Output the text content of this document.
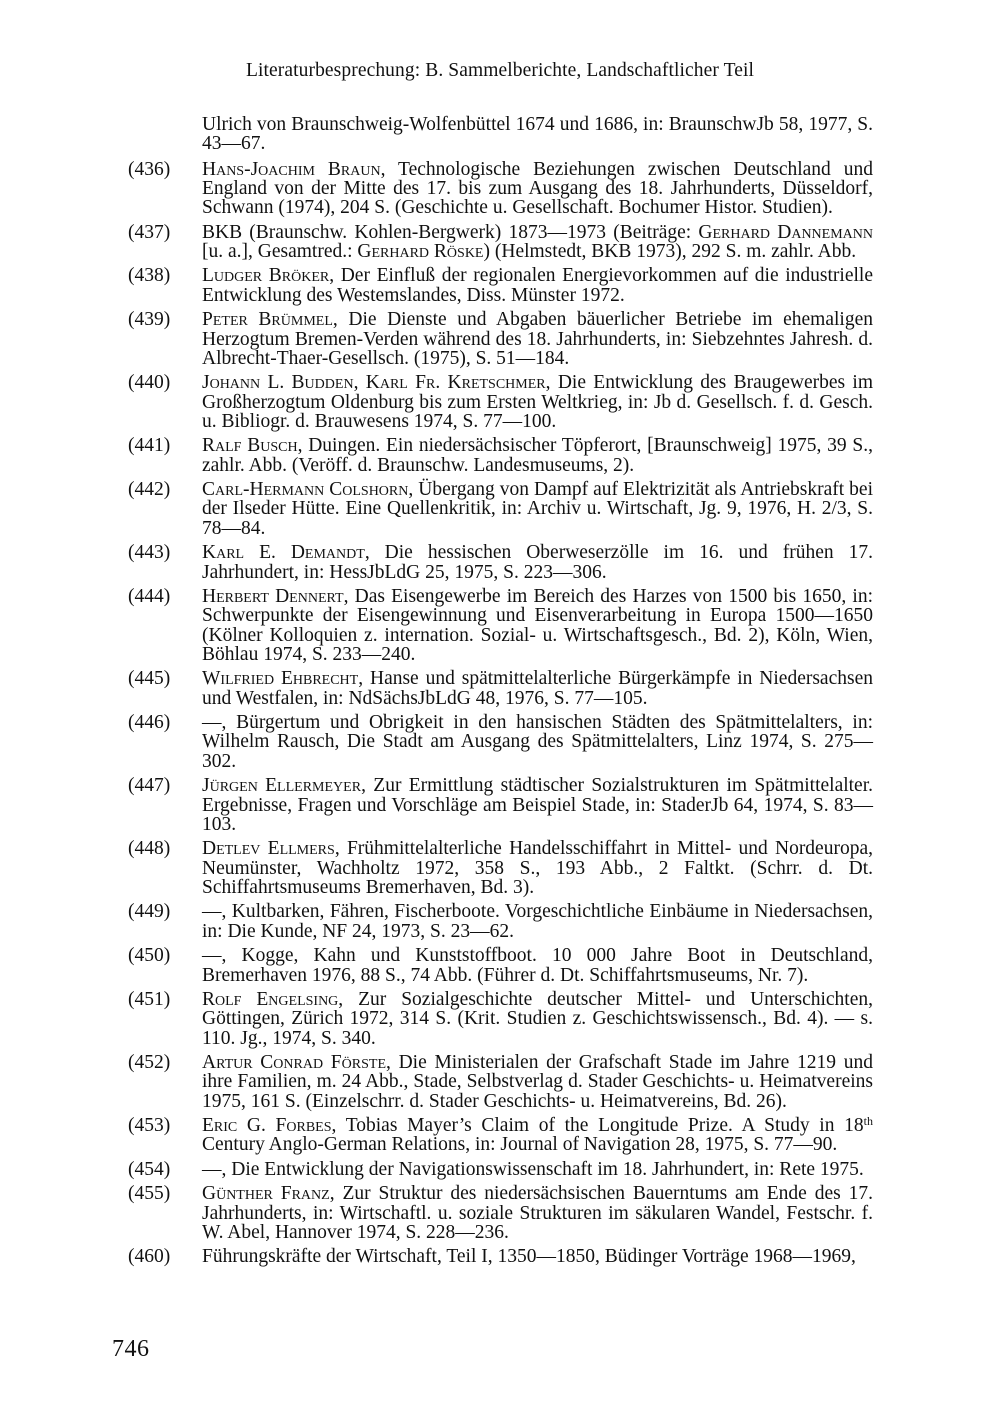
Literaturbesprechung: B. Sammelberichte, Landschaftlicher Teil

Ulrich von Braunschweig-Wolfenbüttel 1674 und 1686, in: BraunschwJb 58, 1977, S. 43—67.

(436) Hans-Joachim Braun, Technologische Beziehungen zwischen Deutschland und England von der Mitte des 17. bis zum Ausgang des 18. Jahrhunderts, Düsseldorf, Schwann (1974), 204 S. (Geschichte u. Gesellschaft. Bochumer Histor. Studien).

(437) BKB (Braunschw. Kohlen-Bergwerk) 1873—1973 (Beiträge: Gerhard Dannemann [u. a.], Gesamtred.: Gerhard Röske) (Helmstedt, BKB 1973), 292 S. m. zahlr. Abb.

(438) Ludger Bröker, Der Einfluß der regionalen Energievorkommen auf die industrielle Entwicklung des Westemslandes, Diss. Münster 1972.

(439) Peter Brümmel, Die Dienste und Abgaben bäuerlicher Betriebe im ehemaligen Herzogtum Bremen-Verden während des 18. Jahrhunderts, in: Siebzehntes Jahresh. d. Albrecht-Thaer-Gesellsch. (1975), S. 51—184.

(440) Johann L. Budden, Karl Fr. Kretschmer, Die Entwicklung des Braugewerbes im Großherzogtum Oldenburg bis zum Ersten Weltkrieg, in: Jb d. Gesellsch. f. d. Gesch. u. Bibliogr. d. Brauwesens 1974, S. 77—100.

(441) Ralf Busch, Duingen. Ein niedersächsischer Töpferort, [Braunschweig] 1975, 39 S., zahlr. Abb. (Veröff. d. Braunschw. Landesmuseums, 2).

(442) Carl-Hermann Colshorn, Übergang von Dampf auf Elektrizität als Antriebskraft bei der Ilseder Hütte. Eine Quellenkritik, in: Archiv u. Wirtschaft, Jg. 9, 1976, H. 2/3, S. 78—84.

(443) Karl E. Demandt, Die hessischen Oberweserzölle im 16. und frühen 17. Jahrhundert, in: HessJbLdG 25, 1975, S. 223—306.

(444) Herbert Dennert, Das Eisengewerbe im Bereich des Harzes von 1500 bis 1650, in: Schwerpunkte der Eisengewinnung und Eisenverarbeitung in Europa 1500—1650 (Kölner Kolloquien z. internation. Sozial- u. Wirtschaftsgesch., Bd. 2), Köln, Wien, Böhlau 1974, S. 233—240.

(445) Wilfried Ehbrecht, Hanse und spätmittelalterliche Bürgerkämpfe in Niedersachsen und Westfalen, in: NdSächsJbLdG 48, 1976, S. 77—105.

(446) —, Bürgertum und Obrigkeit in den hansischen Städten des Spätmittelalters, in: Wilhelm Rausch, Die Stadt am Ausgang des Spätmittelalters, Linz 1974, S. 275—302.

(447) Jürgen Ellermeyer, Zur Ermittlung städtischer Sozialstrukturen im Spätmittelalter. Ergebnisse, Fragen und Vorschläge am Beispiel Stade, in: StaderJb 64, 1974, S. 83—103.

(448) Detlev Ellmers, Frühmittelalterliche Handelsschiffahrt in Mittel- und Nordeuropa, Neumünster, Wachholtz 1972, 358 S., 193 Abb., 2 Faltkt. (Schrr. d. Dt. Schiffahrtsmuseums Bremerhaven, Bd. 3).

(449) —, Kultbarken, Fähren, Fischerboote. Vorgeschichtliche Einbäume in Niedersachsen, in: Die Kunde, NF 24, 1973, S. 23—62.

(450) —, Kogge, Kahn und Kunststoffboot. 10 000 Jahre Boot in Deutschland, Bremerhaven 1976, 88 S., 74 Abb. (Führer d. Dt. Schiffahrtsmuseums, Nr. 7).

(451) Rolf Engelsing, Zur Sozialgeschichte deutscher Mittel- und Unterschichten, Göttingen, Zürich 1972, 314 S. (Krit. Studien z. Geschichtswissensch., Bd. 4). — s. 110. Jg., 1974, S. 340.

(452) Artur Conrad Förste, Die Ministerialen der Grafschaft Stade im Jahre 1219 und ihre Familien, m. 24 Abb., Stade, Selbstverlag d. Stader Geschichts- u. Heimatvereins 1975, 161 S. (Einzelschrr. d. Stader Geschichts- u. Heimatvereins, Bd. 26).

(453) Eric G. Forbes, Tobias Mayer’s Claim of the Longitude Prize. A Study in 18th Century Anglo-German Relations, in: Journal of Navigation 28, 1975, S. 77—90.

(454) —, Die Entwicklung der Navigationswissenschaft im 18. Jahrhundert, in: Rete 1975.

(455) Günther Franz, Zur Struktur des niedersächsischen Bauerntums am Ende des 17. Jahrhunderts, in: Wirtschaftl. u. soziale Strukturen im säkularen Wandel, Festschr. f. W. Abel, Hannover 1974, S. 228—236.

(460) Führungskräfte der Wirtschaft, Teil I, 1350—1850, Büdinger Vorträge 1968—1969,

746
